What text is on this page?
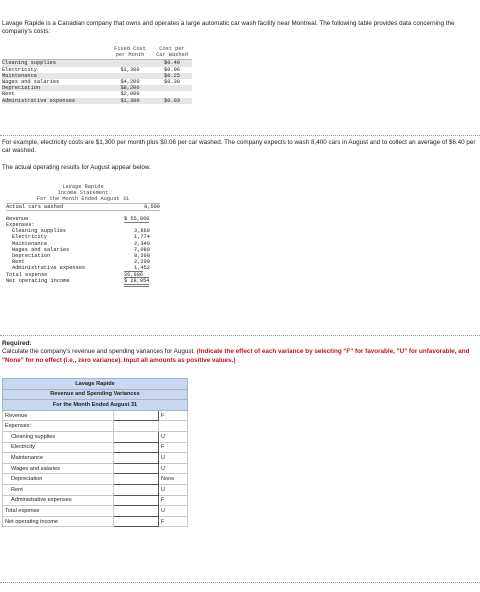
Lavage Rapide is a Canadian company that owns and operates a large automatic car wash facility near Montreal. The following table provides data concerning the company's costs:
	Fixed Cost	Cost per
	per Month	Car Washed
Cleaning supplies		$0.40
Electricity	$1,300	$0.06
Maintenance		$0.25
Wages and salaries	$4,200	$0.30
Depreciation	$8,200	
Rent	$2,000	
Administrative expenses	$1,300	$0.03
For example, electricity costs are $1,300 per month plus $0.06 per car washed. The company expects to wash 8,400 cars in August and to collect an average of $6.40 per car washed.
The actual operating results for August appear below.
Lavage Rapide
Income Statement
For the Month Ended August 31
Actual cars washed	8,500
Revenue	$ 55,860
Expenses:	
Cleaning supplies	3,860
Electricity	1,774
Maintenance	2,340
Wages and salaries	7,080
Depreciation	8,200
Rent	2,200
Administrative expenses	1,452
Total expense	26,906
Net operating income	$ 28,954
Required:
Calculate the company's revenue and spending variances for August. (Indicate the effect of each variance by selecting "F" for favorable, "U" for unfavorable, and "None" for no effect (i.e., zero variance). Input all amounts as positive values.)
Lavage Rapide		
Revenue and Spending Variances		
For the Month Ended August 31		
Revenue		F
Expenses:		
Cleaning supplies		U
Electricity		F
Maintenance		U
Wages and salaries		U
Depreciation		None
Rent		U
Administrative expenses		F
Total expense		U
Net operating income		F
